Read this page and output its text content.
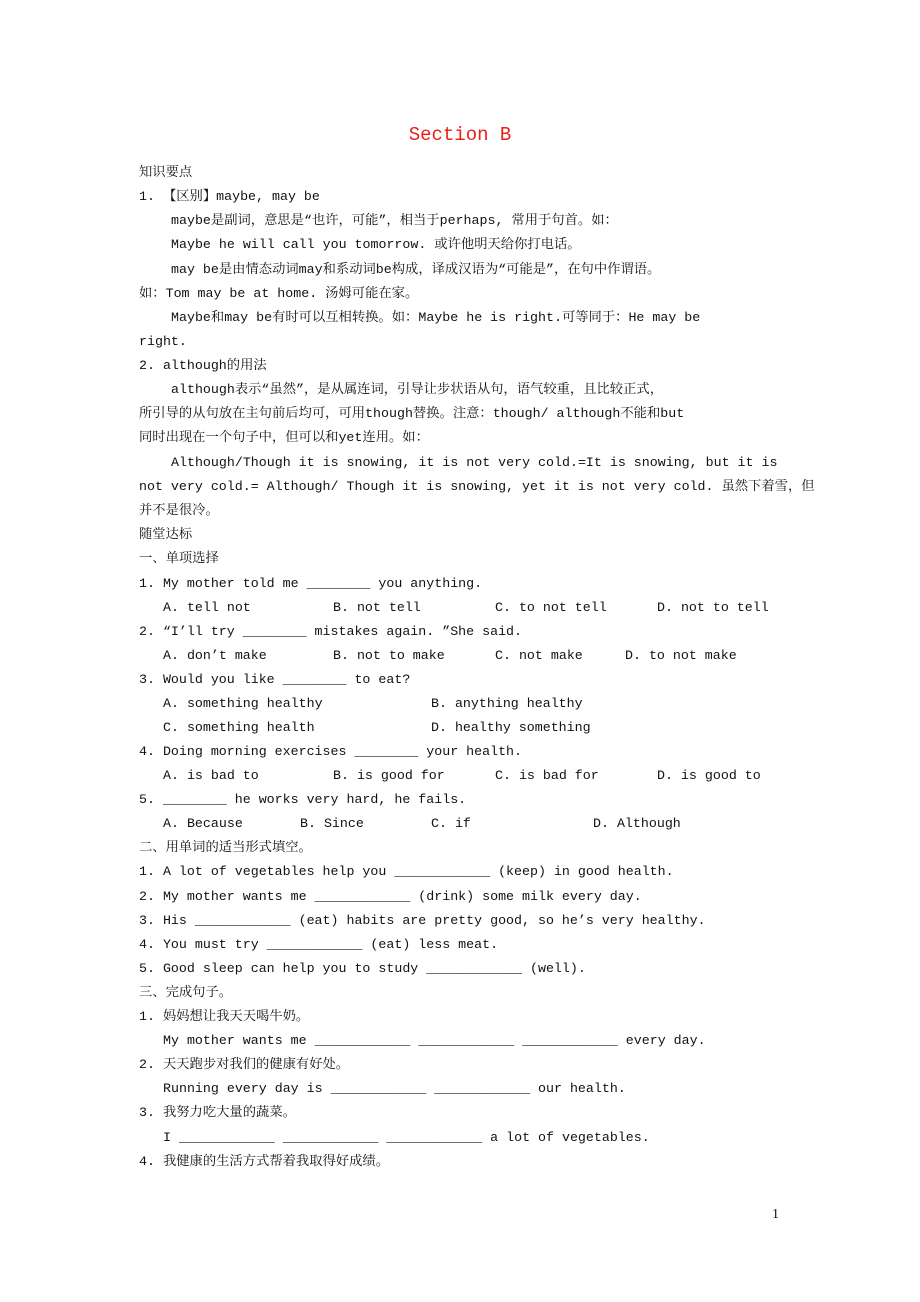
Section B
知识要点
1. 【区别】maybe, may be
maybe是副词，意思是“也许，可能”，相当于perhaps, 常用于句首。如：
Maybe he will call you tomorrow. 或许他明天给你打电话。
may be是由情态动词may和系动词be构成，译成汉语为“可能是”，在句中作谓语。
如：Tom may be at home. 汤姆可能在家。
Maybe和may be有时可以互相转换。如：Maybe he is right.可等同于：He may be
right.
2. although的用法
although表示“虽然”，是从属连词，引导让步状语从句，语气较重，且比较正式，
所引导的从句放在主句前后均可，可用though替换。注意：though/ although不能和but
同时出现在一个句子中，但可以和yet连用。如：
Although/Though it is snowing, it is not very cold.=It is snowing, but it is
not very cold.= Although/ Though it is snowing, yet it is not very cold. 虽然下着雪，但
并不是很冷。
随堂达标
一、单项选择
1. My mother told me ________ you anything.
A. tell not	B. not tell	C. to not tell	D. not to tell
2. “I’ll try ________ mistakes again. ”She said.
A. don’t make	B. not to make	C. not make	D. to not make
3. Would you like ________ to eat?
A. something healthy	B. anything healthy
C. something health	D. healthy something
4. Doing morning exercises ________ your health.
A. is bad to	B. is good for	C. is bad for	D. is good to
5. ________ he works very hard, he fails.
A. Because	B. Since	C. if	D. Although
二、用单词的适当形式填空。
1. A lot of vegetables help you ____________ (keep) in good health.
2. My mother wants me ____________ (drink) some milk every day.
3. His ____________ (eat) habits are pretty good, so he’s very healthy.
4. You must try ____________ (eat) less meat.
5. Good sleep can help you to study ____________ (well).
三、完成句子。
1. 妈妈想让我天天喝牛奶。
My mother wants me ____________ ____________ ____________ every day.
2. 天天跑步对我们的健康有好处。
Running every day is ____________ ____________ our health.
3. 我努力吃大量的蔬菜。
I ____________ ____________ ____________ a lot of vegetables.
4. 我健康的生活方式帮着我取得好成绩。
1
